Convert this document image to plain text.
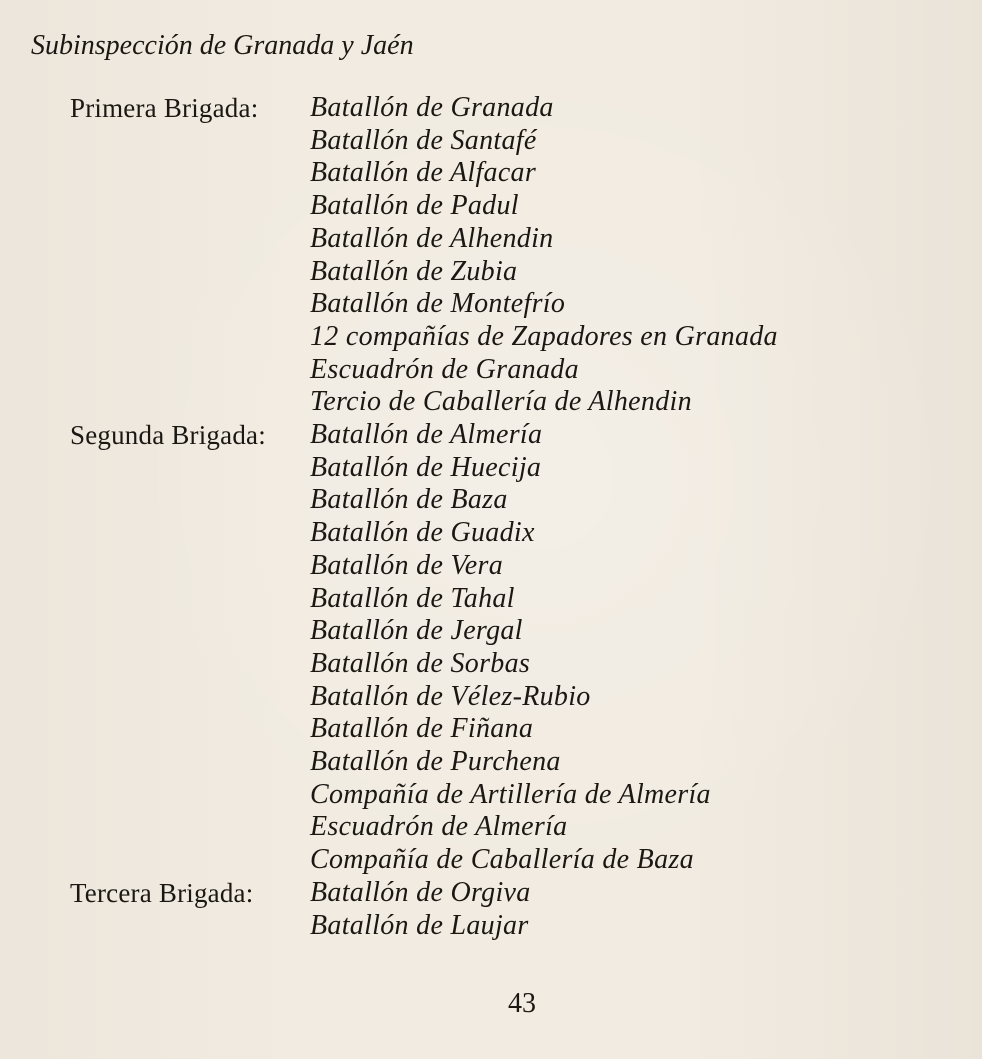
Subinspección de Granada y Jaén
Primera Brigada:	Batallón de Granada
Batallón de Santafé
Batallón de Alfacar
Batallón de Padul
Batallón de Alhendin
Batallón de Zubia
Batallón de Montefrío
12 compañías de Zapadores en Granada
Escuadrón de Granada
Tercio de Caballería de Alhendin
Segunda Brigada:	Batallón de Almería
Batallón de Huecija
Batallón de Baza
Batallón de Guadix
Batallón de Vera
Batallón de Tahal
Batallón de Jergal
Batallón de Sorbas
Batallón de Vélez-Rubio
Batallón de Fiñana
Batallón de Purchena
Compañía de Artillería de Almería
Escuadrón de Almería
Compañía de Caballería de Baza
Tercera Brigada:	Batallón de Orgiva
Batallón de Laujar
43
